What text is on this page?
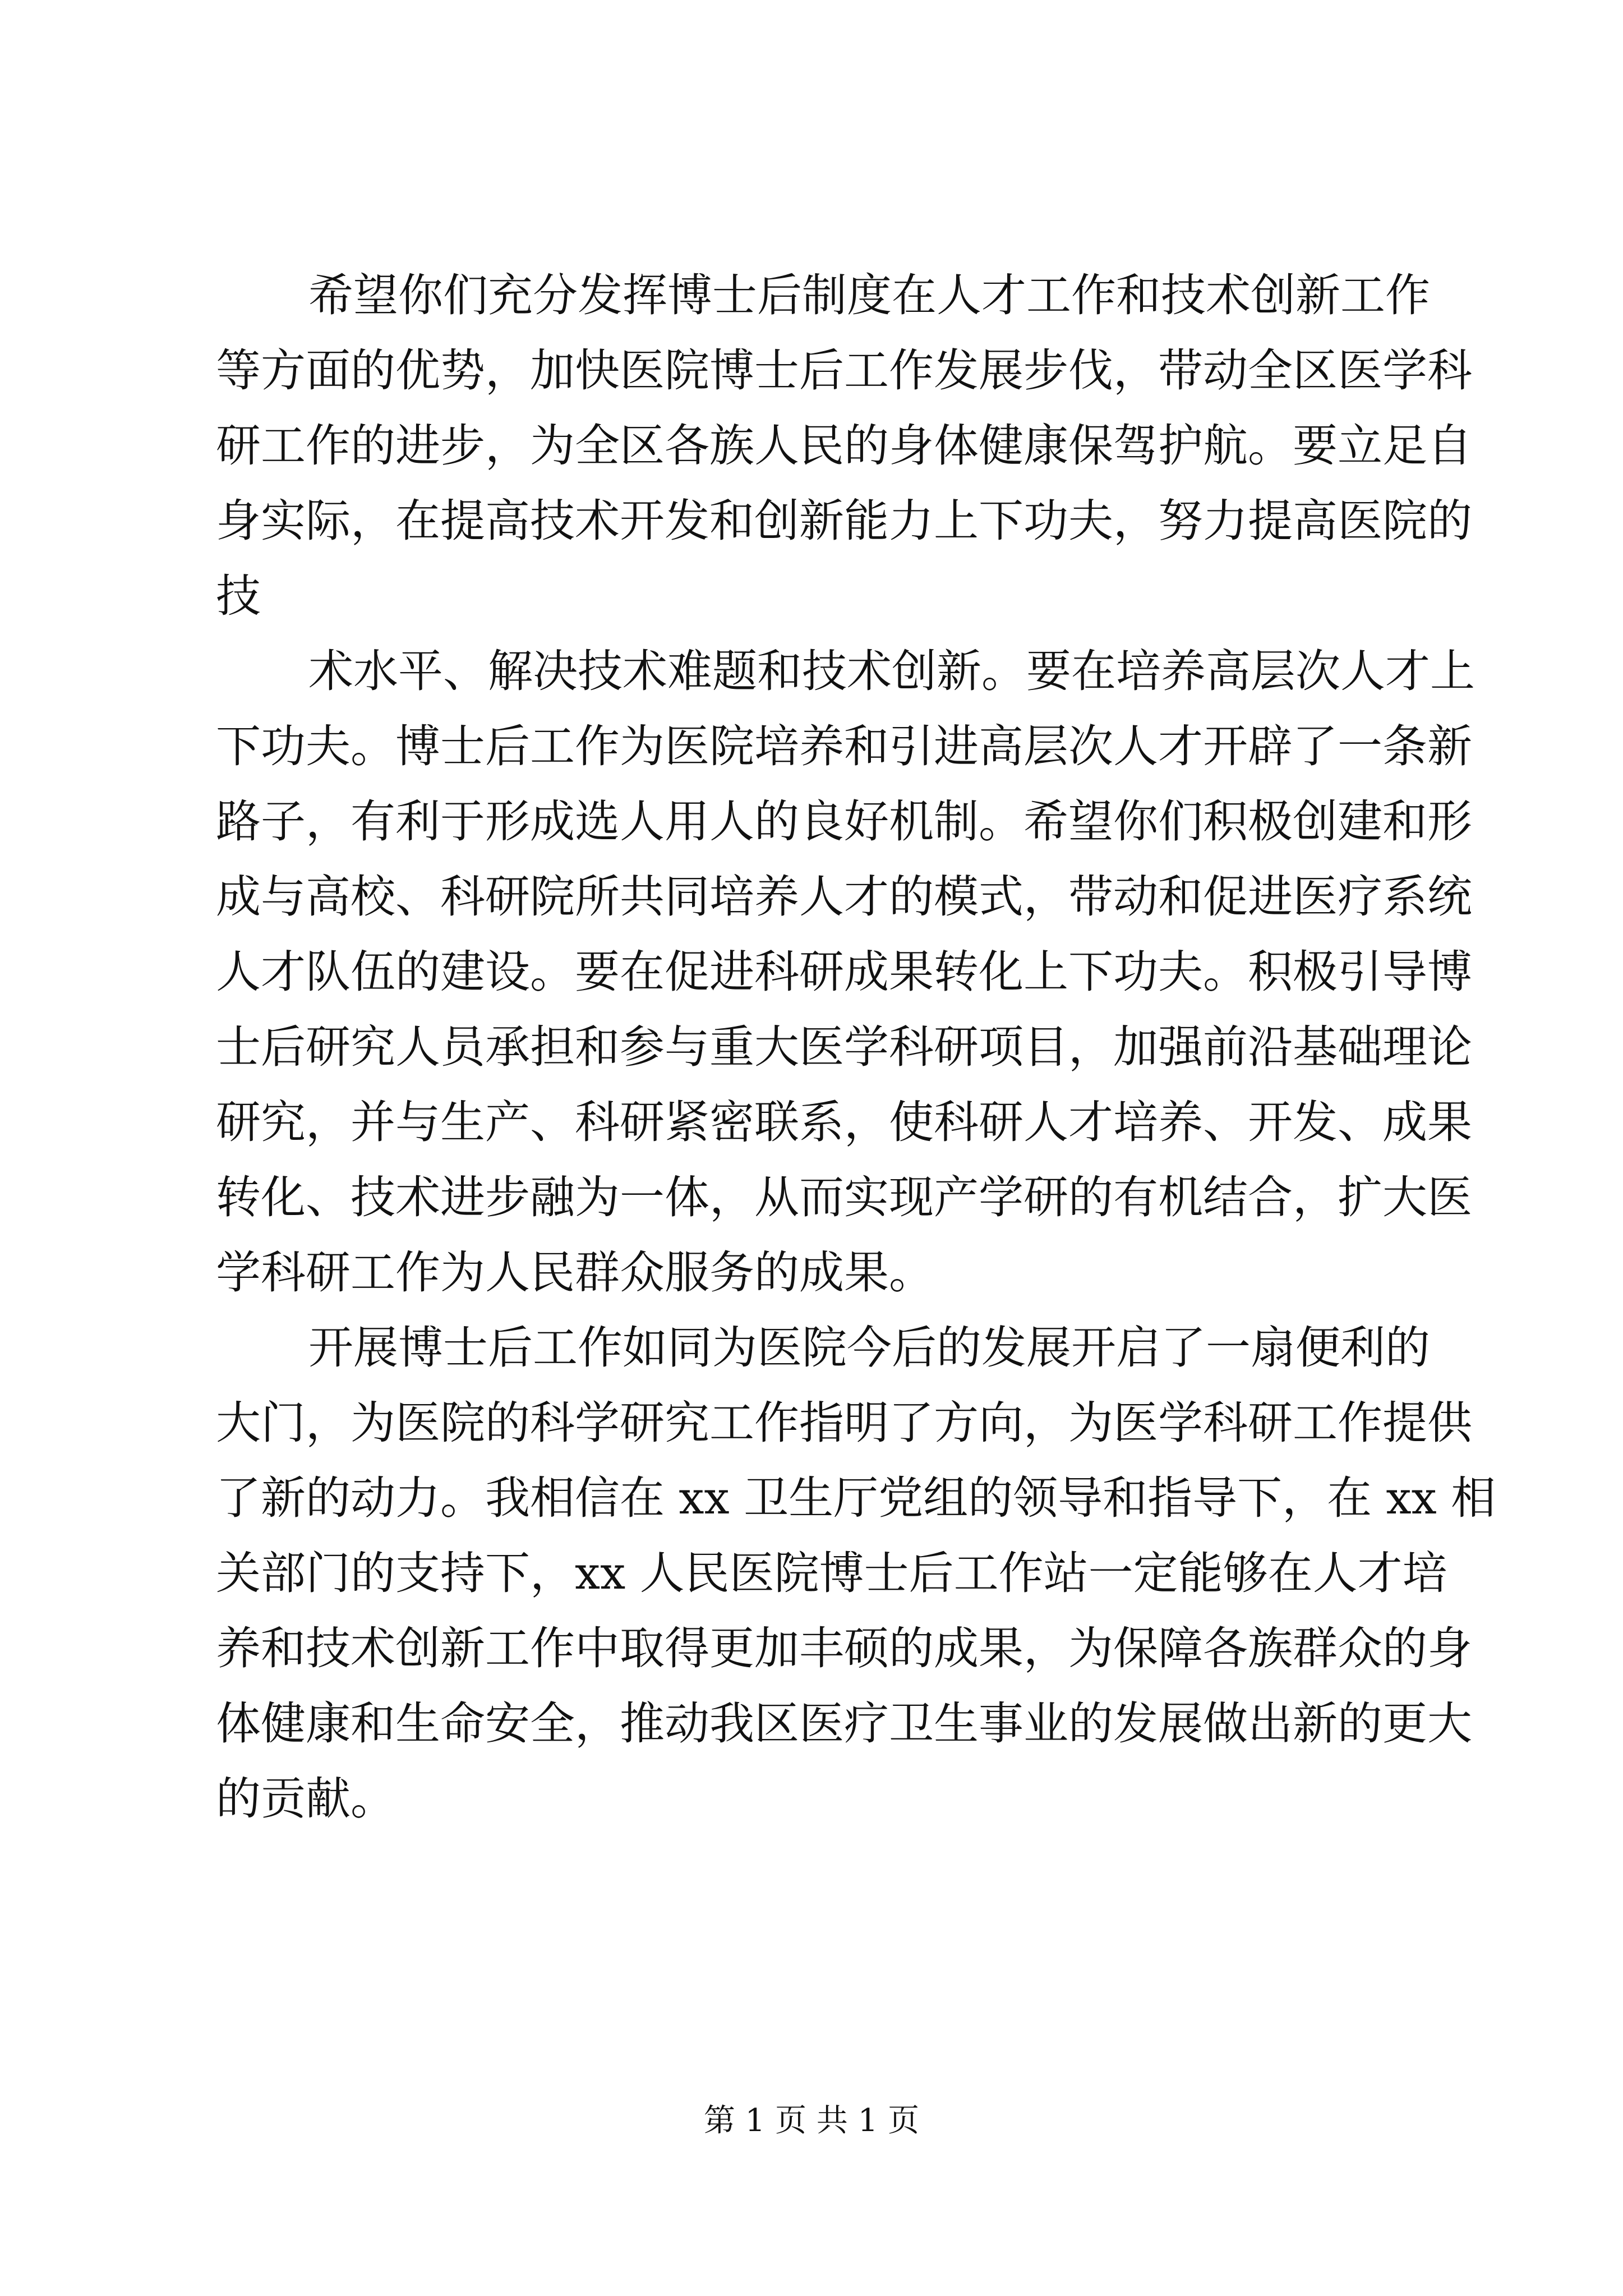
希望你们充分发挥博士后制度在人才工作和技术创新工作
等方面的优势，加快医院博士后工作发展步伐，带动全区医学科
研工作的进步，为全区各族人民的身体健康保驾护航。要立足自
身实际，在提高技术开发和创新能力上下功夫，努力提高医院的
技
术水平、解决技术难题和技术创新。要在培养高层次人才上
下功夫。博士后工作为医院培养和引进高层次人才开辟了一条新
路子，有利于形成选人用人的良好机制。希望你们积极创建和形
成与高校、科研院所共同培养人才的模式，带动和促进医疗系统
人才队伍的建设。要在促进科研成果转化上下功夫。积极引导博
士后研究人员承担和参与重大医学科研项目，加强前沿基础理论
研究，并与生产、科研紧密联系，使科研人才培养、开发、成果
转化、技术进步融为一体，从而实现产学研的有机结合，扩大医
学科研工作为人民群众服务的成果。
开展博士后工作如同为医院今后的发展开启了一扇便利的
大门，为医院的科学研究工作指明了方向，为医学科研工作提供
了新的动力。我相信在 xx 卫生厅党组的领导和指导下，在 xx 相
关部门的支持下，xx 人民医院博士后工作站一定能够在人才培
养和技术创新工作中取得更加丰硕的成果，为保障各族群众的身
体健康和生命安全，推动我区医疗卫生事业的发展做出新的更大
的贡献。
第 1 页 共 1 页
